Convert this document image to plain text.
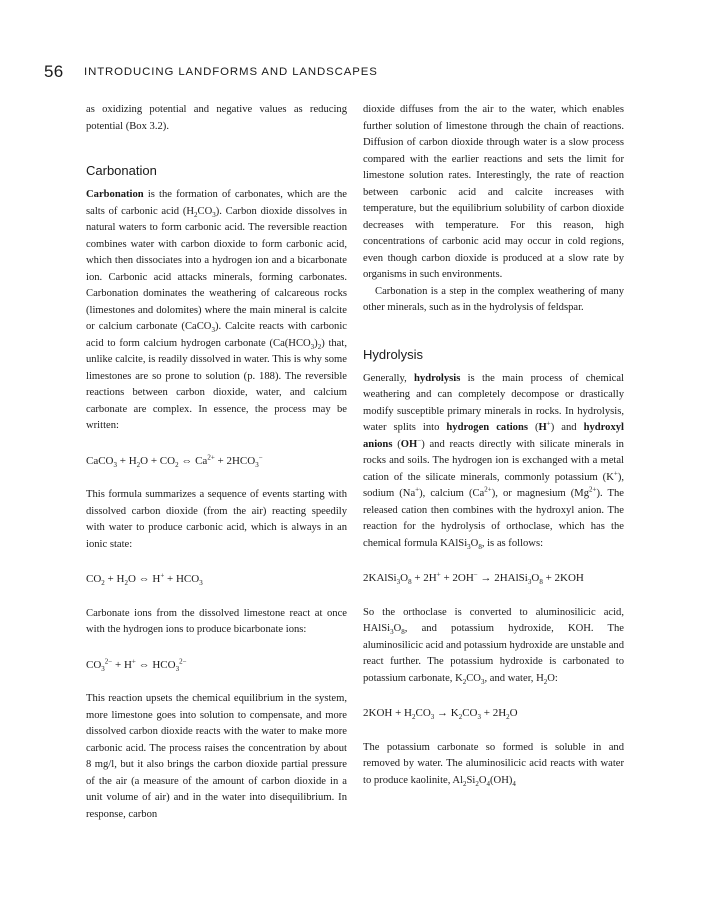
56 INTRODUCING LANDFORMS AND LANDSCAPES

as oxidizing potential and negative values as reducing potential (Box 3.2).

Carbonation

Carbonation is the formation of carbonates, which are the salts of carbonic acid $(H_2CO_3)$. Carbon dioxide dissolves in natural waters to form carbonic acid. The reversible reaction combines water with carbon dioxide to form carbonic acid, which then dissociates into a hydrogen ion and a bicarbonate ion. Carbonic acid attacks minerals, forming carbonates. Carbonation dominates the weathering of calcareous rocks (limestones and dolomites) where the main mineral is calcite or calcium carbonate (CaCO$_3$). Calcite reacts with carbonic acid to form calcium hydrogen carbonate $(Ca(HCO_3)_2)$ that, unlike calcite, is readily dissolved in water. This is why some limestones are so prone to solution (p. 188). The reversible reactions between carbon dioxide, water, and calcium carbonate are complex. In essence, the process may be written:

CaCO$_3$ + $H_2O + CO_2$ ⇔ $Ca^{2+} + 2HCO_3^-$

This formula summarizes a sequence of events starting with dissolved carbon dioxide (from the air) reacting speedily with water to produce carbonic acid, which is always in an ionic state:

$CO_2 + H_2O$ ⇔ $H^+ + HCO_3$

Carbonate ions from the dissolved limestone react at once with the hydrogen ions to produce bicarbonate ions:

$CO_3^{2-} + H^+$ ⇔ $HCO_3^{2-}$

This reaction upsets the chemical equilibrium in the system, more limestone goes into solution to compensate, and more dissolved carbon dioxide reacts with the water to make more carbonic acid. The process raises the concentration by about 8 mg/l, but it also brings the carbon dioxide partial pressure of the air (a measure of the amount of carbon dioxide in a unit volume of air) and in the water into disequilibrium. In response, carbon

dioxide diffuses from the air to the water, which enables further solution of limestone through the chain of reactions. Diffusion of carbon dioxide through water is a slow process compared with the earlier reactions and sets the limit for limestone solution rates. Interestingly, the rate of reaction between carbonic acid and calcite increases with temperature, but the equilibrium solubility of carbon dioxide decreases with temperature. For this reason, high concentrations of carbonic acid may occur in cold regions, even though carbon dioxide is produced at a slow rate by organisms in such environments.

Carbonation is a step in the complex weathering of many other minerals, such as in the hydrolysis of feldspar.

Hydrolysis

Generally, hydrolysis is the main process of chemical weathering and can completely decompose or drastically modify susceptible primary minerals in rocks. In hydrolysis, water splits into hydrogen cations (H+) and hydroxyl anions (OH−) and reacts directly with silicate minerals in rocks and soils. The hydrogen ion is exchanged with a metal cation of the silicate minerals, commonly potassium (K+), sodium (Na+), calcium $(Ca^{2+})$, or magnesium $(Mg^{2+})$. The released cation then combines with the hydroxyl anion. The reaction for the hydrolysis of orthoclase, which has the chemical formula $KAlSi_3O_8$, is as follows:

$2KAlSi_3O_8 + 2H^+ + 2OH^-$ → $2HAlSi_3O_8 + 2KOH$

So the orthoclase is converted to aluminosilicic acid, $HAlSi_3O_8$, and potassium hydroxide, KOH. The aluminosilicic acid and potassium hydroxide are unstable and react further. The potassium hydroxide is carbonated to potassium carbonate, $K_2CO_3$, and water, $H_2O$:

$2KOH + H_2CO_3 \to K_2CO_3 + 2H_2O$

The potassium carbonate so formed is soluble in and removed by water. The aluminosilicic acid reacts with water to produce kaolinite, $Al_2Si_2O_4(OH)_4$
